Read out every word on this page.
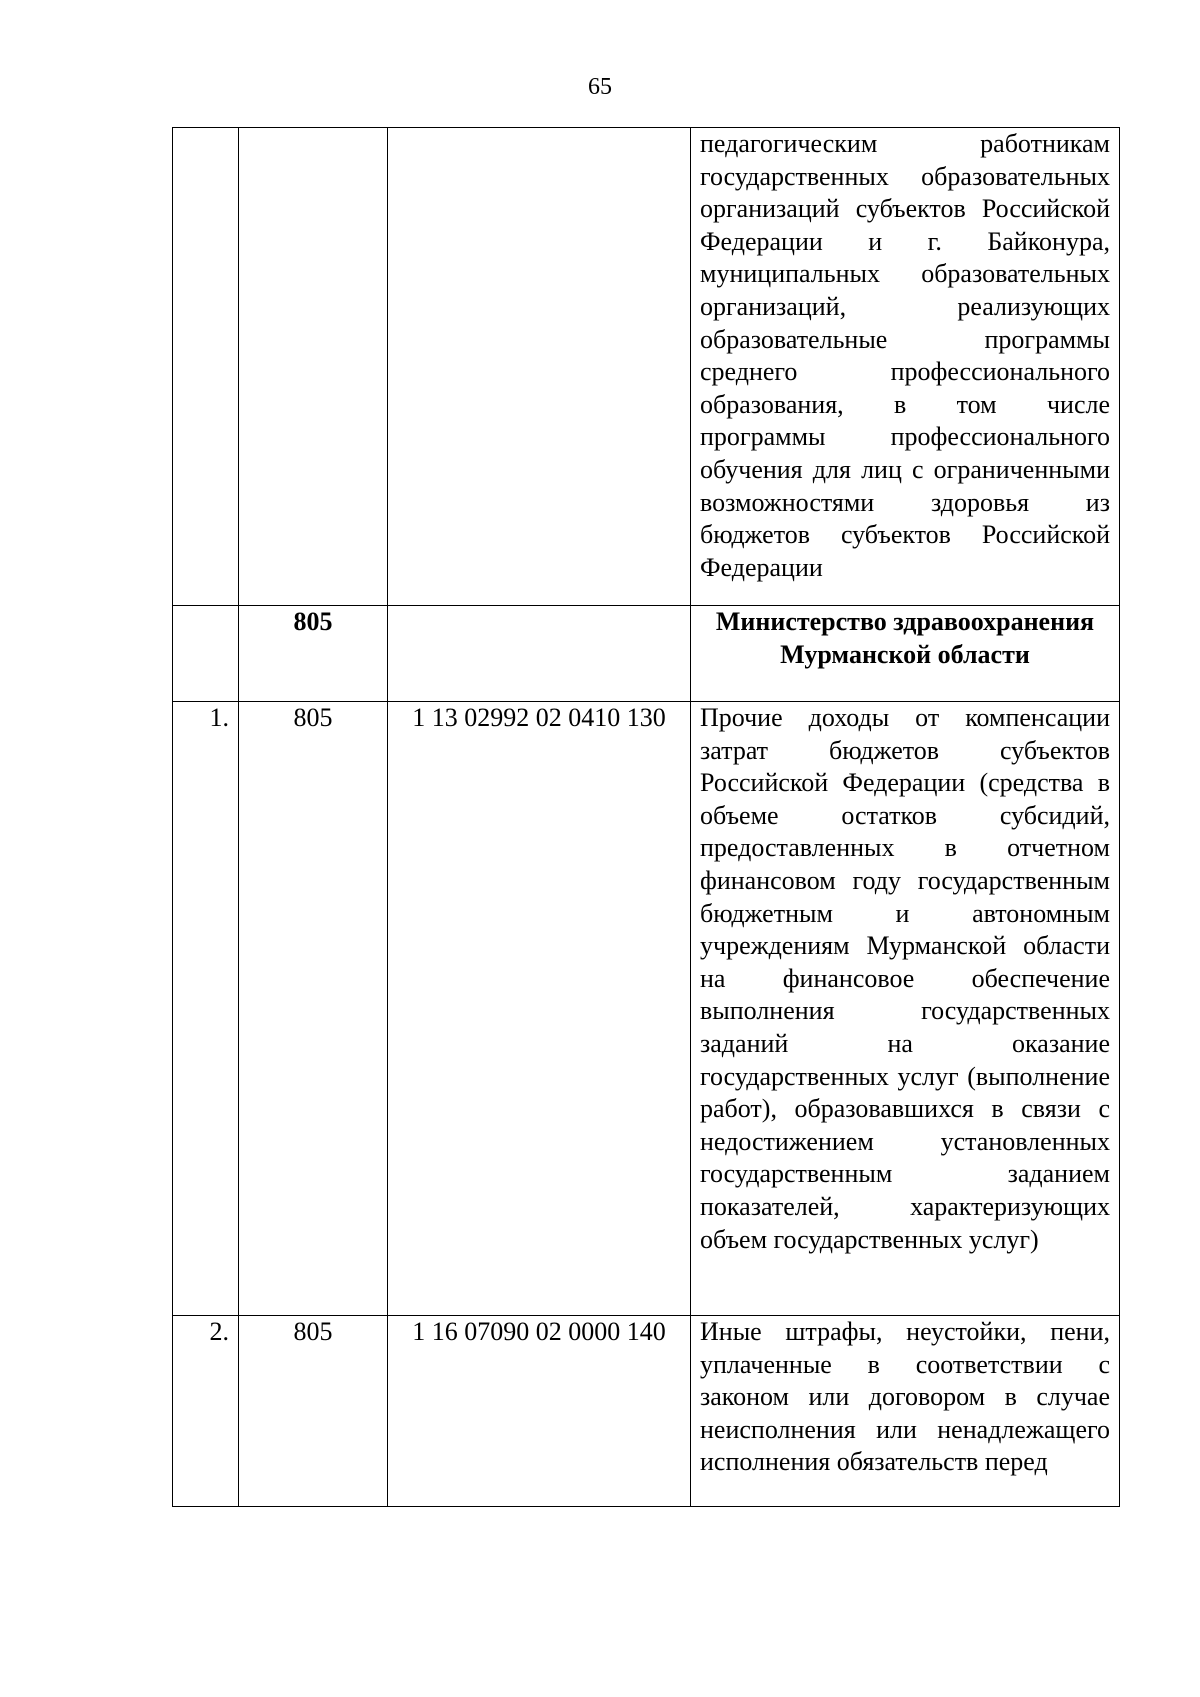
65

			педагогическим работникам государственных образовательных организаций субъектов Российской Федерации и г. Байконура, муниципальных образовательных организаций, реализующих образовательные программы среднего профессионального образования, в том числе программы профессионального обучения для лиц с ограниченными возможностями здоровья из бюджетов субъектов Российской Федерации

	805		Министерство здравоохранения Мурманской области
1.	805	1 13 02992 02 0410 130	Прочие доходы от компенсации затрат бюджетов субъектов Российской Федерации (средства в объеме остатков субсидий, предоставленных в отчетном финансовом году государственным бюджетным и автономным учреждениям Мурманской области на финансовое обеспечение выполнения государственных заданий на оказание государственных услуг (выполнение работ), образовавшихся в связи с недостижением установленных государственным заданием показателей, характеризующих объем государственных услуг)

2.	805	1 16 07090 02 0000 140	Иные штрафы, неустойки, пени, уплаченные в соответствии с законом или договором в случае неисполнения или ненадлежащего исполнения обязательств перед
